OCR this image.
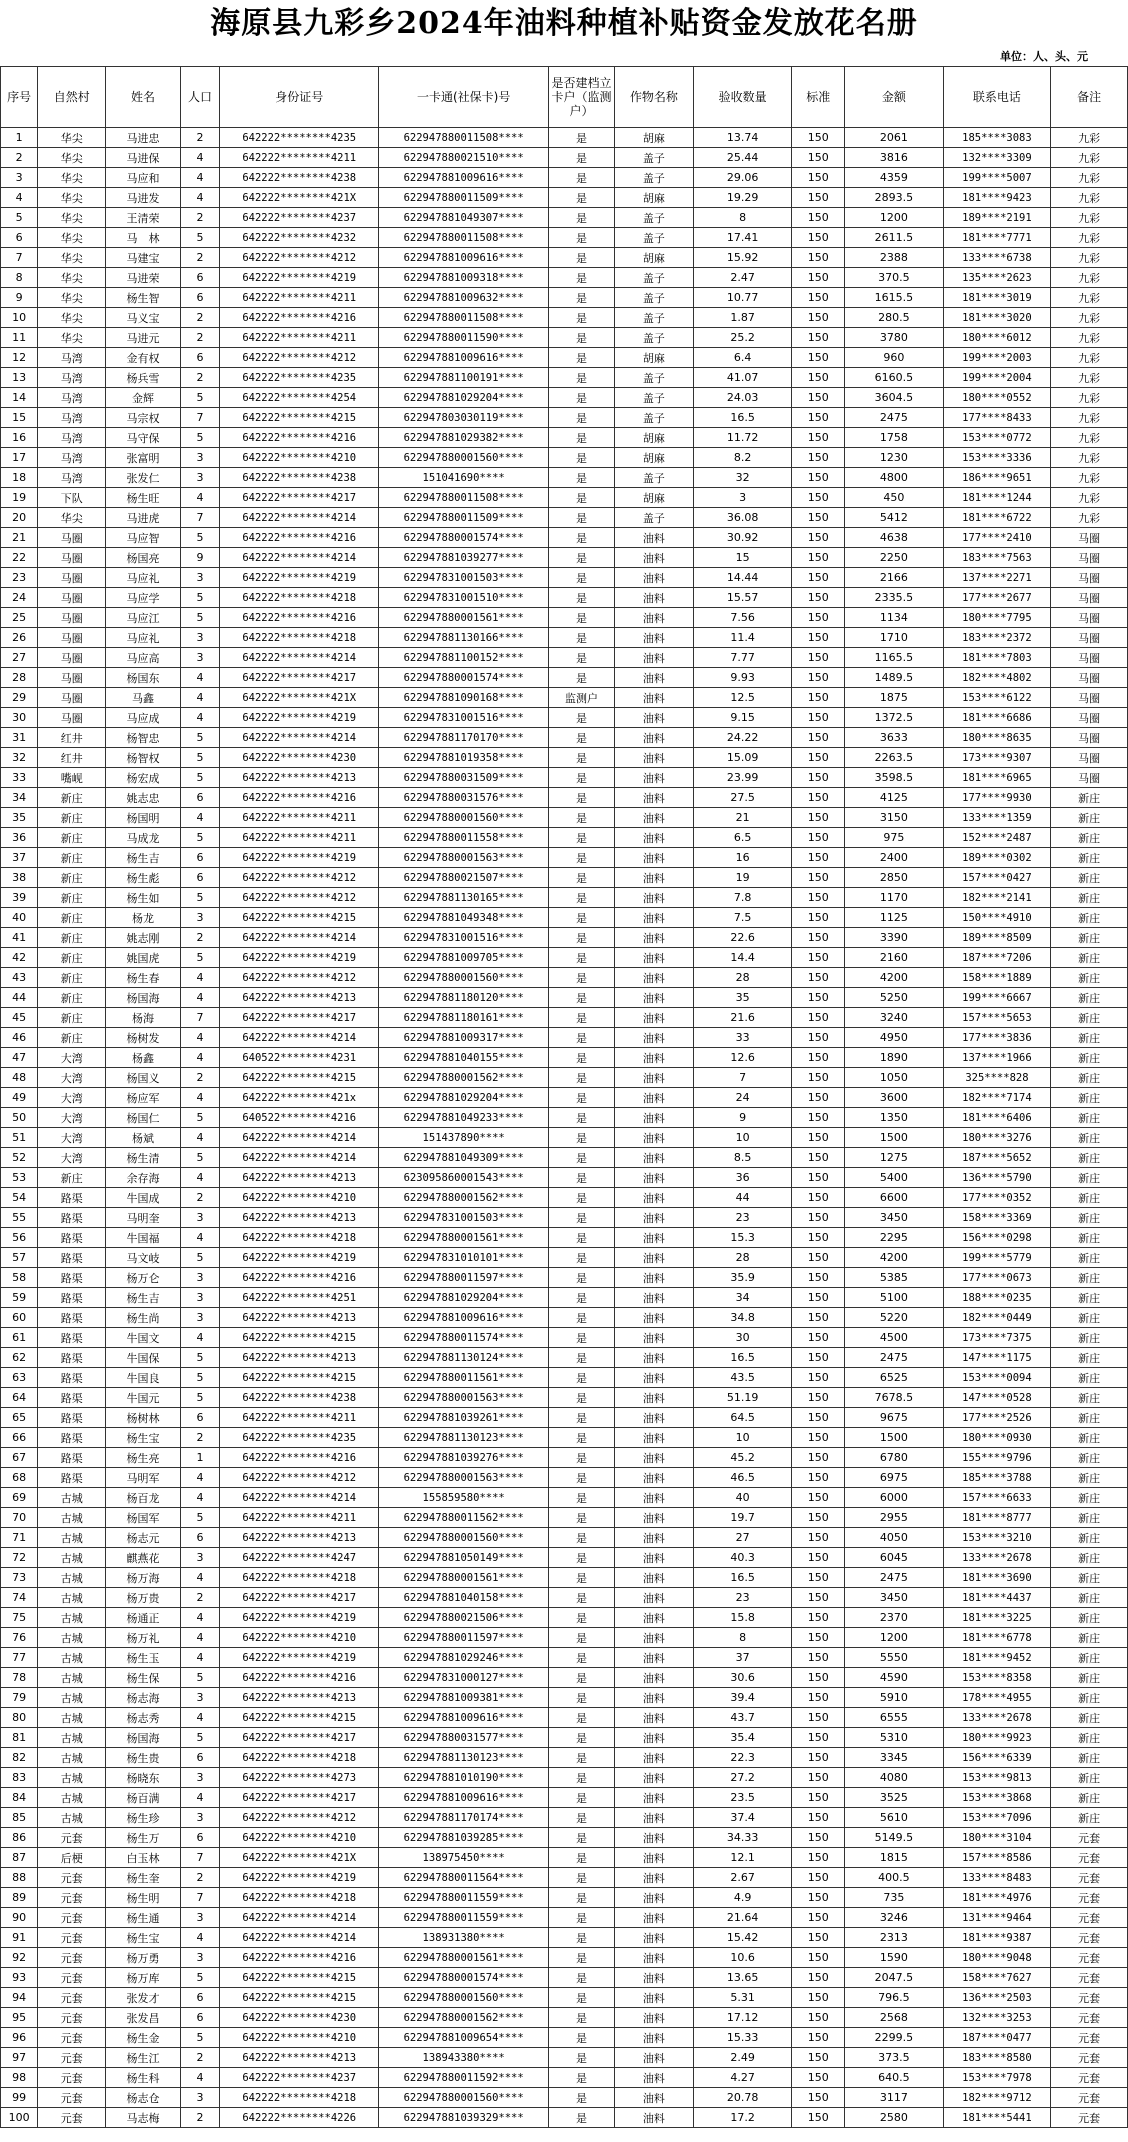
海原县九彩乡2024年油料种植补贴资金发放花名册
单位：人、头、元
序号	自然村	姓名	人口	身份证号	一卡通(社保卡)号	是否建档立卡户（监测户）	作物名称	验收数量	标准	金额	联系电话	备注
1	华尖	马进忠	2	642222********4235	622947880011508****	是	胡麻	13.74	150	2061	185****3083	九彩
2	华尖	马进保	4	642222********4211	622947880021510****	是	盖子	25.44	150	3816	132****3309	九彩
3	华尖	马应和	4	642222********4238	622947881009616****	是	盖子	29.06	150	4359	199****5007	九彩
4	华尖	马进发	4	642222********421X	622947880011509****	是	胡麻	19.29	150	2893.5	181****9423	九彩
5	华尖	王清荣	2	642222********4237	622947881049307****	是	盖子	8	150	1200	189****2191	九彩
6	华尖	马　林	5	642222********4232	622947880011508****	是	盖子	17.41	150	2611.5	181****7771	九彩
7	华尖	马建宝	2	642222********4212	622947881009616****	是	胡麻	15.92	150	2388	133****6738	九彩
8	华尖	马进荣	6	642222********4219	622947881009318****	是	盖子	2.47	150	370.5	135****2623	九彩
9	华尖	杨生智	6	642222********4211	622947881009632****	是	盖子	10.77	150	1615.5	181****3019	九彩
10	华尖	马义宝	2	642222********4216	622947880011508****	是	盖子	1.87	150	280.5	181****3020	九彩
11	华尖	马进元	2	642222********4211	622947880011590****	是	盖子	25.2	150	3780	180****6012	九彩
12	马湾	金有权	6	642222********4212	622947881009616****	是	胡麻	6.4	150	960	199****2003	九彩
13	马湾	杨兵雪	2	642222********4235	622947881100191****	是	盖子	41.07	150	6160.5	199****2004	九彩
14	马湾	金辉	5	642222********4254	622947881029204****	是	盖子	24.03	150	3604.5	180****0552	九彩
15	马湾	马宗权	7	642222********4215	622947803030119****	是	盖子	16.5	150	2475	177****8433	九彩
16	马湾	马守保	5	642222********4216	622947881029382****	是	胡麻	11.72	150	1758	153****0772	九彩
17	马湾	张富明	3	642222********4210	622947880001560****	是	胡麻	8.2	150	1230	153****3336	九彩
18	马湾	张发仁	3	642222********4238	151041690****	是	盖子	32	150	4800	186****9651	九彩
19	下队	杨生旺	4	642222********4217	622947880011508****	是	胡麻	3	150	450	181****1244	九彩
20	华尖	马进虎	7	642222********4214	622947880011509****	是	盖子	36.08	150	5412	181****6722	九彩
21	马圈	马应智	5	642222********4216	622947880001574****	是	油料	30.92	150	4638	177****2410	马圈
22	马圈	杨国亮	9	642222********4214	622947881039277****	是	油料	15	150	2250	183****7563	马圈
23	马圈	马应礼	3	642222********4219	622947831001503****	是	油料	14.44	150	2166	137****2271	马圈
24	马圈	马应学	5	642222********4218	622947831001510****	是	油料	15.57	150	2335.5	177****2677	马圈
25	马圈	马应江	5	642222********4216	622947880001561****	是	油料	7.56	150	1134	180****7795	马圈
26	马圈	马应礼	3	642222********4218	622947881130166****	是	油料	11.4	150	1710	183****2372	马圈
27	马圈	马应高	3	642222********4214	622947881100152****	是	油料	7.77	150	1165.5	181****7803	马圈
28	马圈	杨国东	4	642222********4217	622947880001574****	是	油料	9.93	150	1489.5	182****4802	马圈
29	马圈	马鑫	4	642222********421X	622947881090168****	监测户	油料	12.5	150	1875	153****6122	马圈
30	马圈	马应成	4	642222********4219	622947831001516****	是	油料	9.15	150	1372.5	181****6686	马圈
31	红井	杨智忠	5	642222********4214	622947881170170****	是	油料	24.22	150	3633	180****8635	马圈
32	红井	杨智权	5	642222********4230	622947881019358****	是	油料	15.09	150	2263.5	173****9307	马圈
33	嘴岘	杨宏成	5	642222********4213	622947880031509****	是	油料	23.99	150	3598.5	181****6965	马圈
34	新庄	姚志忠	6	642222********4216	622947880031576****	是	油料	27.5	150	4125	177****9930	新庄
35	新庄	杨国明	4	642222********4211	622947880001560****	是	油料	21	150	3150	133****1359	新庄
36	新庄	马成龙	5	642222********4211	622947880011558****	是	油料	6.5	150	975	152****2487	新庄
37	新庄	杨生吉	6	642222********4219	622947880001563****	是	油料	16	150	2400	189****0302	新庄
38	新庄	杨生彪	6	642222********4212	622947880021507****	是	油料	19	150	2850	157****0427	新庄
39	新庄	杨生如	5	642222********4212	622947881130165****	是	油料	7.8	150	1170	182****2141	新庄
40	新庄	杨龙	3	642222********4215	622947881049348****	是	油料	7.5	150	1125	150****4910	新庄
41	新庄	姚志刚	2	642222********4214	622947831001516****	是	油料	22.6	150	3390	189****8509	新庄
42	新庄	姚国虎	5	642222********4219	622947881009705****	是	油料	14.4	150	2160	187****7206	新庄
43	新庄	杨生春	4	642222********4212	622947880001560****	是	油料	28	150	4200	158****1889	新庄
44	新庄	杨国海	4	642222********4213	622947881180120****	是	油料	35	150	5250	199****6667	新庄
45	新庄	杨海	7	642222********4217	622947881180161****	是	油料	21.6	150	3240	157****5653	新庄
46	新庄	杨树发	4	642222********4214	622947881009317****	是	油料	33	150	4950	177****3836	新庄
47	大湾	杨鑫	4	640522********4231	622947881040155****	是	油料	12.6	150	1890	137****1966	新庄
48	大湾	杨国义	2	642222********4215	622947880001562****	是	油料	7	150	1050	325****828	新庄
49	大湾	杨应军	4	642222********421x	622947881029204****	是	油料	24	150	3600	182****7174	新庄
50	大湾	杨国仁	5	640522********4216	622947881049233****	是	油料	9	150	1350	181****6406	新庄
51	大湾	杨斌	4	642222********4214	151437890****	是	油料	10	150	1500	180****3276	新庄
52	大湾	杨生清	5	642222********4214	622947881049309****	是	油料	8.5	150	1275	187****5652	新庄
53	新庄	余存海	4	642222********4213	623095860001543****	是	油料	36	150	5400	136****5790	新庄
54	路渠	牛国成	2	642222********4210	622947880001562****	是	油料	44	150	6600	177****0352	新庄
55	路渠	马明奎	3	642222********4213	622947831001503****	是	油料	23	150	3450	158****3369	新庄
56	路渠	牛国福	4	642222********4218	622947880001561****	是	油料	15.3	150	2295	156****0298	新庄
57	路渠	马文岐	5	642222********4219	622947831010101****	是	油料	28	150	4200	199****5779	新庄
58	路渠	杨万仑	3	642222********4216	622947880011597****	是	油料	35.9	150	5385	177****0673	新庄
59	路渠	杨生吉	3	642222********4251	622947881029204****	是	油料	34	150	5100	188****0235	新庄
60	路渠	杨生尚	3	642222********4213	622947881009616****	是	油料	34.8	150	5220	182****0449	新庄
61	路渠	牛国文	4	642222********4215	622947880011574****	是	油料	30	150	4500	173****7375	新庄
62	路渠	牛国保	5	642222********4213	622947881130124****	是	油料	16.5	150	2475	147****1175	新庄
63	路渠	牛国良	5	642222********4215	622947880011561****	是	油料	43.5	150	6525	153****0094	新庄
64	路渠	牛国元	5	642222********4238	622947880001563****	是	油料	51.19	150	7678.5	147****0528	新庄
65	路渠	杨树林	6	642222********4211	622947881039261****	是	油料	64.5	150	9675	177****2526	新庄
66	路渠	杨生宝	2	642222********4235	622947881130123****	是	油料	10	150	1500	180****0930	新庄
67	路渠	杨生亮	1	642222********4216	622947881039276****	是	油料	45.2	150	6780	155****9796	新庄
68	路渠	马明军	4	642222********4212	622947880001563****	是	油料	46.5	150	6975	185****3788	新庄
69	古城	杨百龙	4	642222********4214	155859580****	是	油料	40	150	6000	157****6633	新庄
70	古城	杨国军	5	642222********4211	622947880011562****	是	油料	19.7	150	2955	181****8777	新庄
71	古城	杨志元	6	642222********4213	622947880001560****	是	油料	27	150	4050	153****3210	新庄
72	古城	麒燕花	3	642222********4247	622947881050149****	是	油料	40.3	150	6045	133****2678	新庄
73	古城	杨万海	4	642222********4218	622947880001561****	是	油料	16.5	150	2475	181****3690	新庄
74	古城	杨万贵	2	642222********4217	622947881040158****	是	油料	23	150	3450	181****4437	新庄
75	古城	杨通正	4	642222********4219	622947880021506****	是	油料	15.8	150	2370	181****3225	新庄
76	古城	杨万礼	4	642222********4210	622947880011597****	是	油料	8	150	1200	181****6778	新庄
77	古城	杨生玉	4	642222********4219	622947881029246****	是	油料	37	150	5550	181****9452	新庄
78	古城	杨生保	5	642222********4216	622947831000127****	是	油料	30.6	150	4590	153****8358	新庄
79	古城	杨志海	3	642222********4213	622947881009381****	是	油料	39.4	150	5910	178****4955	新庄
80	古城	杨志秀	4	642222********4215	622947881009616****	是	油料	43.7	150	6555	133****2678	新庄
81	古城	杨国海	5	642222********4217	622947880031577****	是	油料	35.4	150	5310	180****9923	新庄
82	古城	杨生贵	6	642222********4218	622947881130123****	是	油料	22.3	150	3345	156****6339	新庄
83	古城	杨晓东	3	642222********4273	622947881010190****	是	油料	27.2	150	4080	153****9813	新庄
84	古城	杨百满	4	642222********4217	622947881009616****	是	油料	23.5	150	3525	153****3868	新庄
85	古城	杨生珍	3	642222********4212	622947881170174****	是	油料	37.4	150	5610	153****7096	新庄
86	元套	杨生万	6	642222********4210	622947881039285****	是	油料	34.33	150	5149.5	180****3104	元套
87	后梗	白玉林	7	642222********421X	138975450****	是	油料	12.1	150	1815	157****8586	元套
88	元套	杨生奎	2	642222********4219	622947880011564****	是	油料	2.67	150	400.5	133****8483	元套
89	元套	杨生明	7	642222********4218	622947880011559****	是	油料	4.9	150	735	181****4976	元套
90	元套	杨生通	3	642222********4214	622947880011559****	是	油料	21.64	150	3246	131****9464	元套
91	元套	杨生宝	4	642222********4214	138931380****	是	油料	15.42	150	2313	181****9387	元套
92	元套	杨万勇	3	642222********4216	622947880001561****	是	油料	10.6	150	1590	180****9048	元套
93	元套	杨万库	5	642222********4215	622947880001574****	是	油料	13.65	150	2047.5	158****7627	元套
94	元套	张发才	6	642222********4215	622947880001560****	是	油料	5.31	150	796.5	136****2503	元套
95	元套	张发昌	6	642222********4230	622947880001562****	是	油料	17.12	150	2568	132****3253	元套
96	元套	杨生金	5	642222********4210	622947881009654****	是	油料	15.33	150	2299.5	187****0477	元套
97	元套	杨生江	2	642222********4213	138943380****	是	油料	2.49	150	373.5	183****8580	元套
98	元套	杨生科	4	642222********4237	622947880011592****	是	油料	4.27	150	640.5	153****7978	元套
99	元套	杨志仓	3	642222********4218	622947880001560****	是	油料	20.78	150	3117	182****9712	元套
100	元套	马志梅	2	642222********4226	622947881039329****	是	油料	17.2	150	2580	181****5441	元套
